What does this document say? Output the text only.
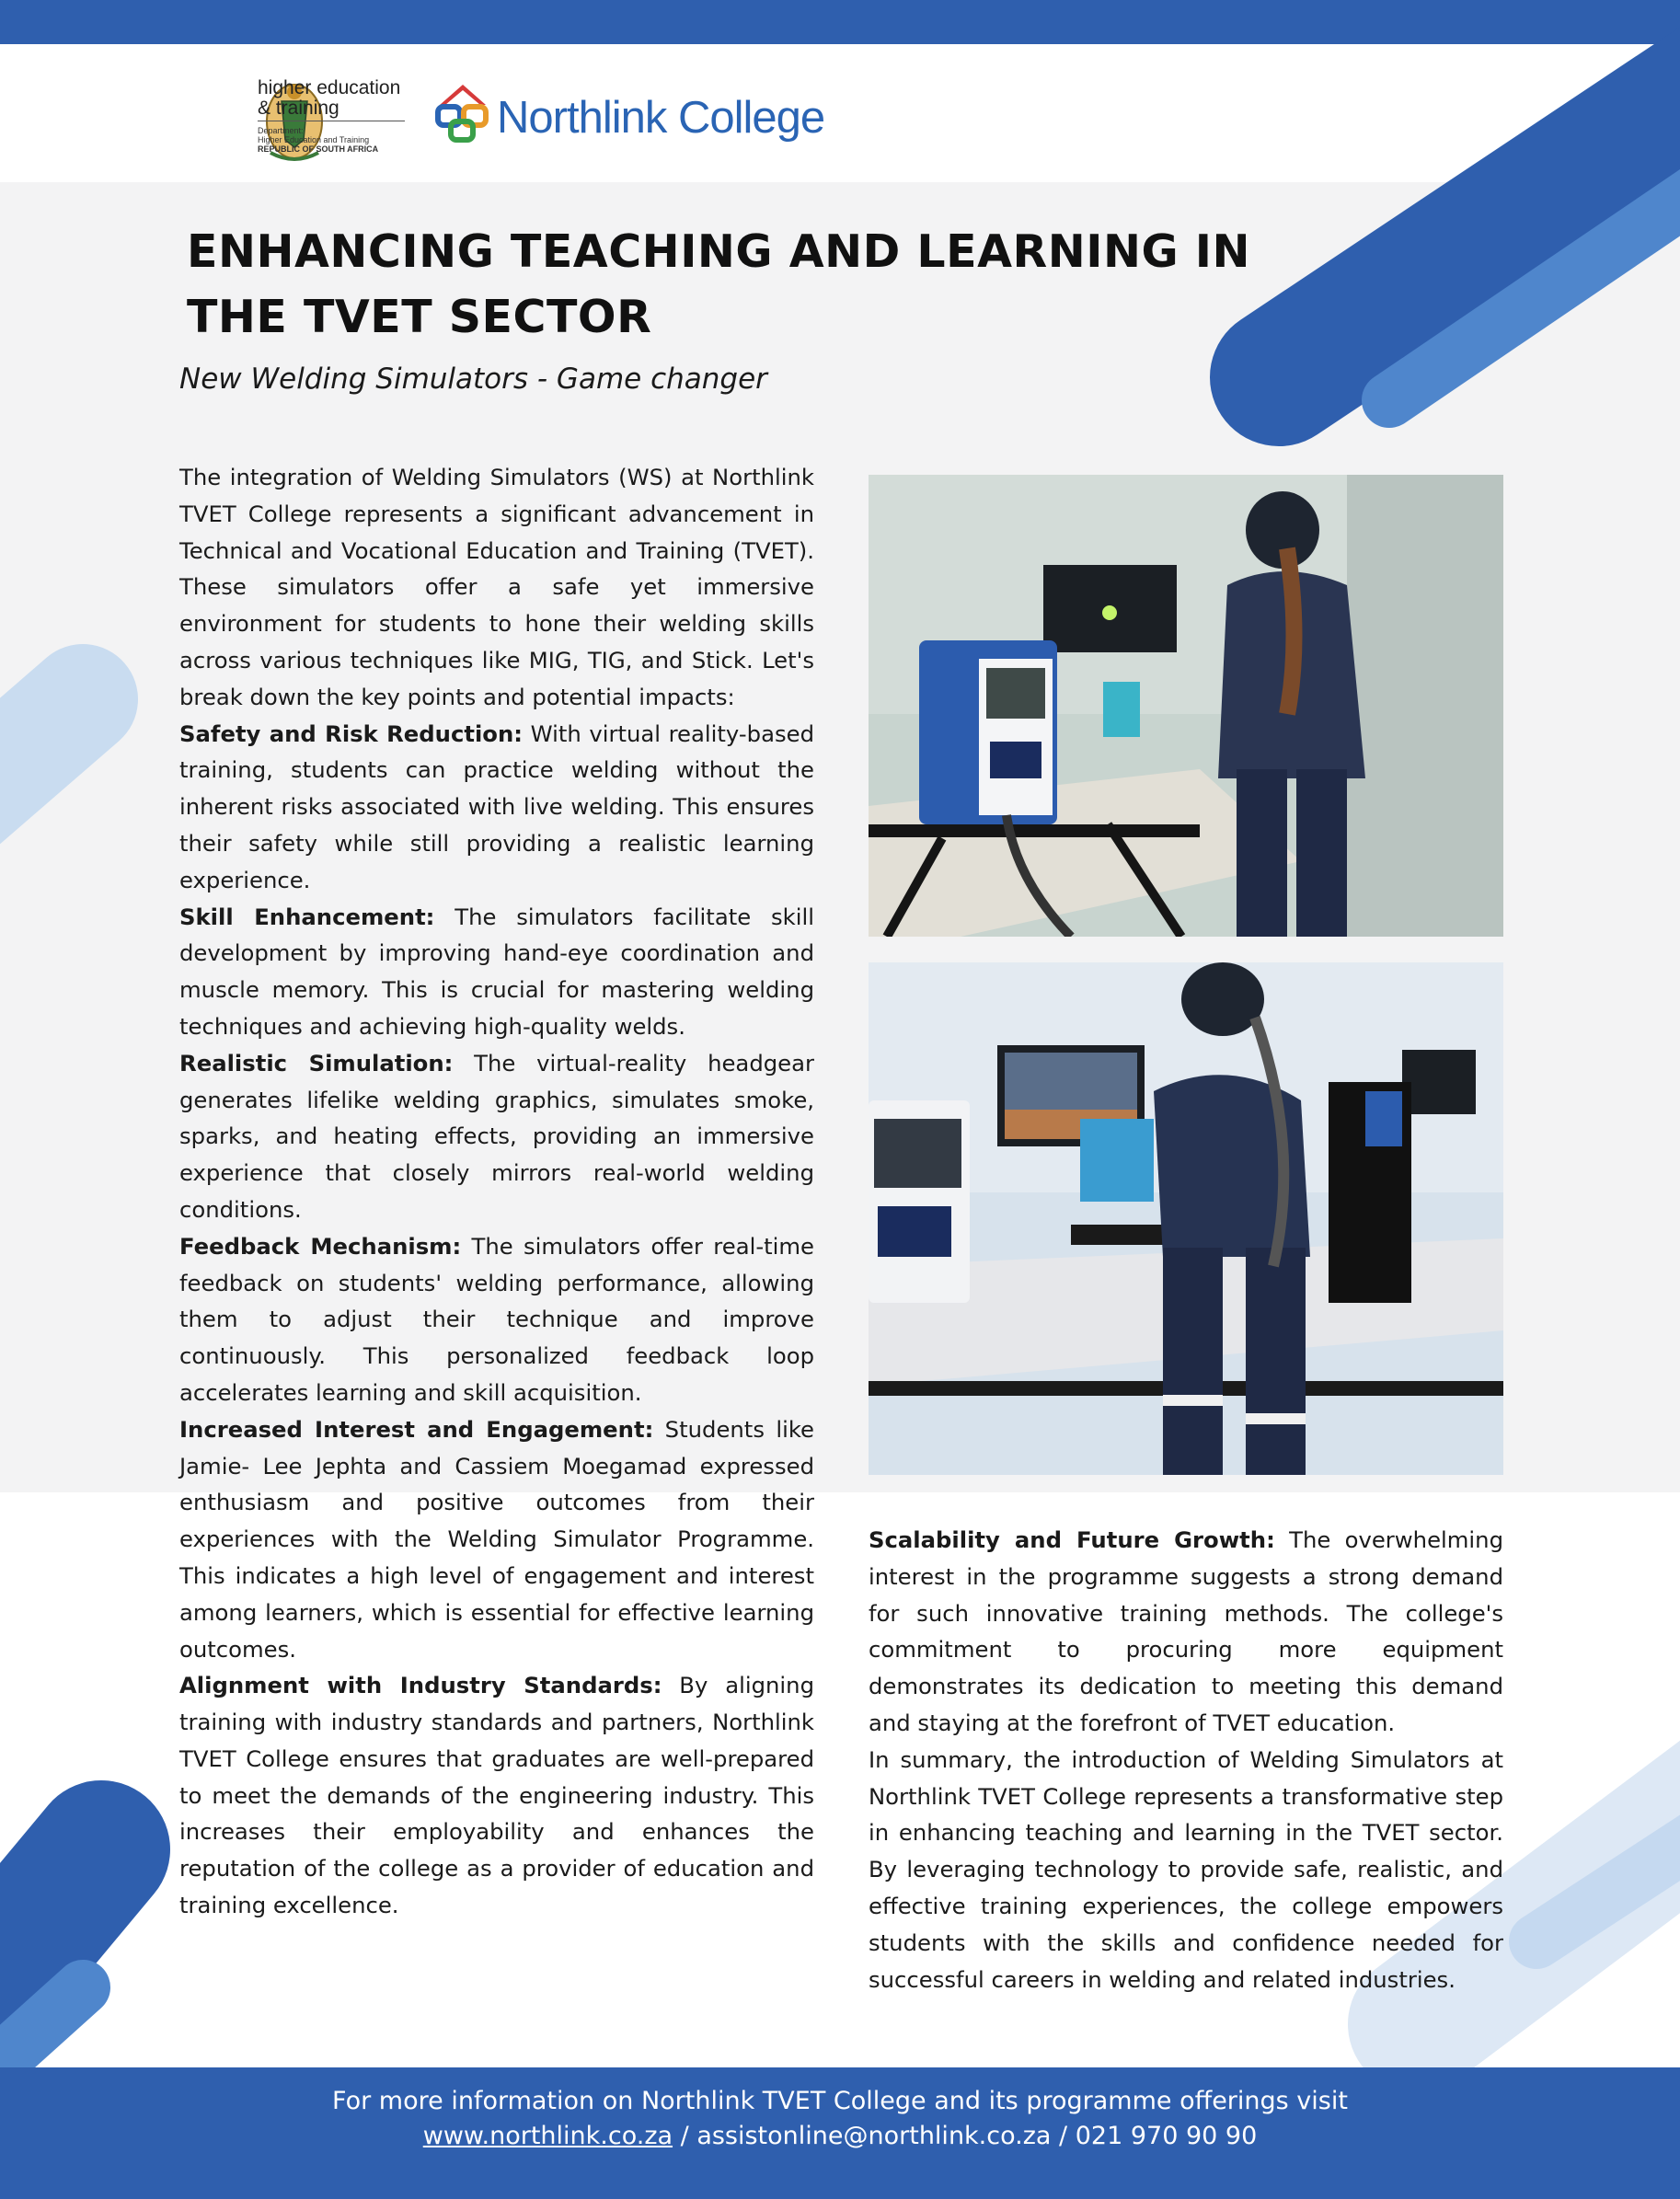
higher education
& training
Department:
Higher Education and Training
REPUBLIC OF SOUTH AFRICA
Northlink College
ENHANCING TEACHING AND LEARNING IN
THE TVET SECTOR
New Welding Simulators - Game changer

The integration of Welding Simulators (WS) at Northlink TVET College represents a significant advancement in Technical and Vocational Education and Training (TVET). These simulators offer a safe yet immersive environment for students to hone their welding skills across various techniques like MIG, TIG, and Stick. Let's break down the key points and potential impacts:

Safety and Risk Reduction: With virtual reality-based training, students can practice welding without the inherent risks associated with live welding. This ensures their safety while still providing a realistic learning experience.

Skill Enhancement: The simulators facilitate skill development by improving hand-eye coordination and muscle memory. This is crucial for mastering welding techniques and achieving high-quality welds.

Realistic Simulation: The virtual-reality headgear generates lifelike welding graphics, simulates smoke, sparks, and heating effects, providing an immersive experience that closely mirrors real-world welding conditions.

Feedback Mechanism: The simulators offer real-time feedback on students' welding performance, allowing them to adjust their technique and improve continuously. This personalized feedback loop accelerates learning and skill acquisition.

Increased Interest and Engagement: Students like Jamie- Lee Jephta and Cassiem Moegamad expressed enthusiasm and positive outcomes from their experiences with the Welding Simulator Programme. This indicates a high level of engagement and interest among learners, which is essential for effective learning outcomes.

Alignment with Industry Standards: By aligning training with industry standards and partners, Northlink TVET College ensures that graduates are well-prepared to meet the demands of the engineering industry. This increases their employability and enhances the reputation of the college as a provider of education and training excellence.

Scalability and Future Growth: The overwhelming interest in the programme suggests a strong demand for such innovative training methods. The college's commitment to procuring more equipment demonstrates its dedication to meeting this demand and staying at the forefront of TVET education.

In summary, the introduction of Welding Simulators at Northlink TVET College represents a transformative step in enhancing teaching and learning in the TVET sector. By leveraging technology to provide safe, realistic, and effective training experiences, the college empowers students with the skills and confidence needed for successful careers in welding and related industries.

For more information on Northlink TVET College and its programme offerings visit
www.northlink.co.za / assistonline@northlink.co.za / 021 970 90 90
